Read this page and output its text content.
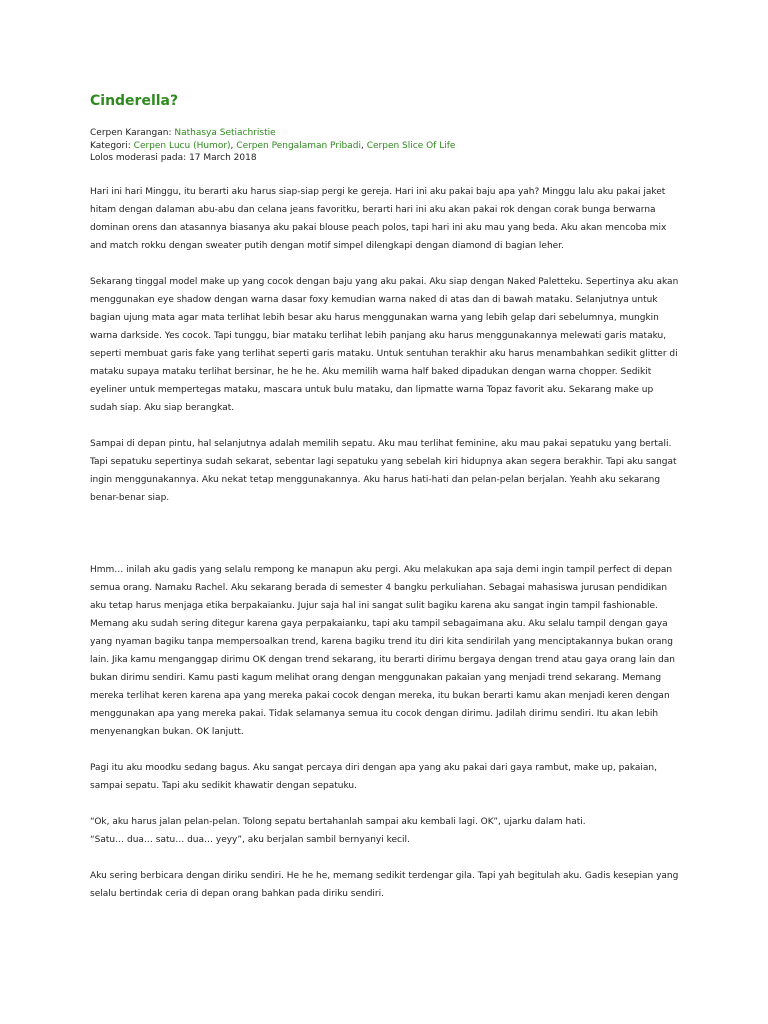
Cinderella?
Cerpen Karangan: Nathasya Setiachristie
Kategori: Cerpen Lucu (Humor), Cerpen Pengalaman Pribadi, Cerpen Slice Of Life
Lolos moderasi pada: 17 March 2018

Hari ini hari Minggu, itu berarti aku harus siap-siap pergi ke gereja. Hari ini aku pakai baju apa yah? Minggu lalu aku pakai jaket hitam dengan dalaman abu-abu dan celana jeans favoritku, berarti hari ini aku akan pakai rok dengan corak bunga berwarna dominan orens dan atasannya biasanya aku pakai blouse peach polos, tapi hari ini aku mau yang beda. Aku akan mencoba mix and match rokku dengan sweater putih dengan motif simpel dilengkapi dengan diamond di bagian leher.

Sekarang tinggal model make up yang cocok dengan baju yang aku pakai. Aku siap dengan Naked Paletteku. Sepertinya aku akan menggunakan eye shadow dengan warna dasar foxy kemudian warna naked di atas dan di bawah mataku. Selanjutnya untuk bagian ujung mata agar mata terlihat lebih besar aku harus menggunakan warna yang lebih gelap dari sebelumnya, mungkin warna darkside. Yes cocok. Tapi tunggu, biar mataku terlihat lebih panjang aku harus menggunakannya melewati garis mataku, seperti membuat garis fake yang terlihat seperti garis mataku. Untuk sentuhan terakhir aku harus menambahkan sedikit glitter di mataku supaya mataku terlihat bersinar, he he he. Aku memilih warna half baked dipadukan dengan warna chopper. Sedikit eyeliner untuk mempertegas mataku, mascara untuk bulu mataku, dan lipmatte warna Topaz favorit aku. Sekarang make up sudah siap. Aku siap berangkat.

Sampai di depan pintu, hal selanjutnya adalah memilih sepatu. Aku mau terlihat feminine, aku mau pakai sepatuku yang bertali. Tapi sepatuku sepertinya sudah sekarat, sebentar lagi sepatuku yang sebelah kiri hidupnya akan segera berakhir. Tapi aku sangat ingin menggunakannya. Aku nekat tetap menggunakannya. Aku harus hati-hati dan pelan-pelan berjalan. Yeahh aku sekarang benar-benar siap.

Hmm… inilah aku gadis yang selalu rempong ke manapun aku pergi. Aku melakukan apa saja demi ingin tampil perfect di depan semua orang. Namaku Rachel. Aku sekarang berada di semester 4 bangku perkuliahan. Sebagai mahasiswa jurusan pendidikan aku tetap harus menjaga etika berpakaianku. Jujur saja hal ini sangat sulit bagiku karena aku sangat ingin tampil fashionable. Memang aku sudah sering ditegur karena gaya perpakaianku, tapi aku tampil sebagaimana aku. Aku selalu tampil dengan gaya yang nyaman bagiku tanpa mempersoalkan trend, karena bagiku trend itu diri kita sendirilah yang menciptakannya bukan orang lain. Jika kamu menganggap dirimu OK dengan trend sekarang, itu berarti dirimu bergaya dengan trend atau gaya orang lain dan bukan dirimu sendiri. Kamu pasti kagum melihat orang dengan menggunakan pakaian yang menjadi trend sekarang. Memang mereka terlihat keren karena apa yang mereka pakai cocok dengan mereka, itu bukan berarti kamu akan menjadi keren dengan menggunakan apa yang mereka pakai. Tidak selamanya semua itu cocok dengan dirimu. Jadilah dirimu sendiri. Itu akan lebih menyenangkan bukan. OK lanjutt.

Pagi itu aku moodku sedang bagus. Aku sangat percaya diri dengan apa yang aku pakai dari gaya rambut, make up, pakaian, sampai sepatu. Tapi aku sedikit khawatir dengan sepatuku.

“Ok, aku harus jalan pelan-pelan. Tolong sepatu bertahanlah sampai aku kembali lagi. OK”, ujarku dalam hati.

“Satu… dua… satu… dua… yeyy”, aku berjalan sambil bernyanyi kecil.

Aku sering berbicara dengan diriku sendiri. He he he, memang sedikit terdengar gila. Tapi yah begitulah aku. Gadis kesepian yang selalu bertindak ceria di depan orang bahkan pada diriku sendiri.
